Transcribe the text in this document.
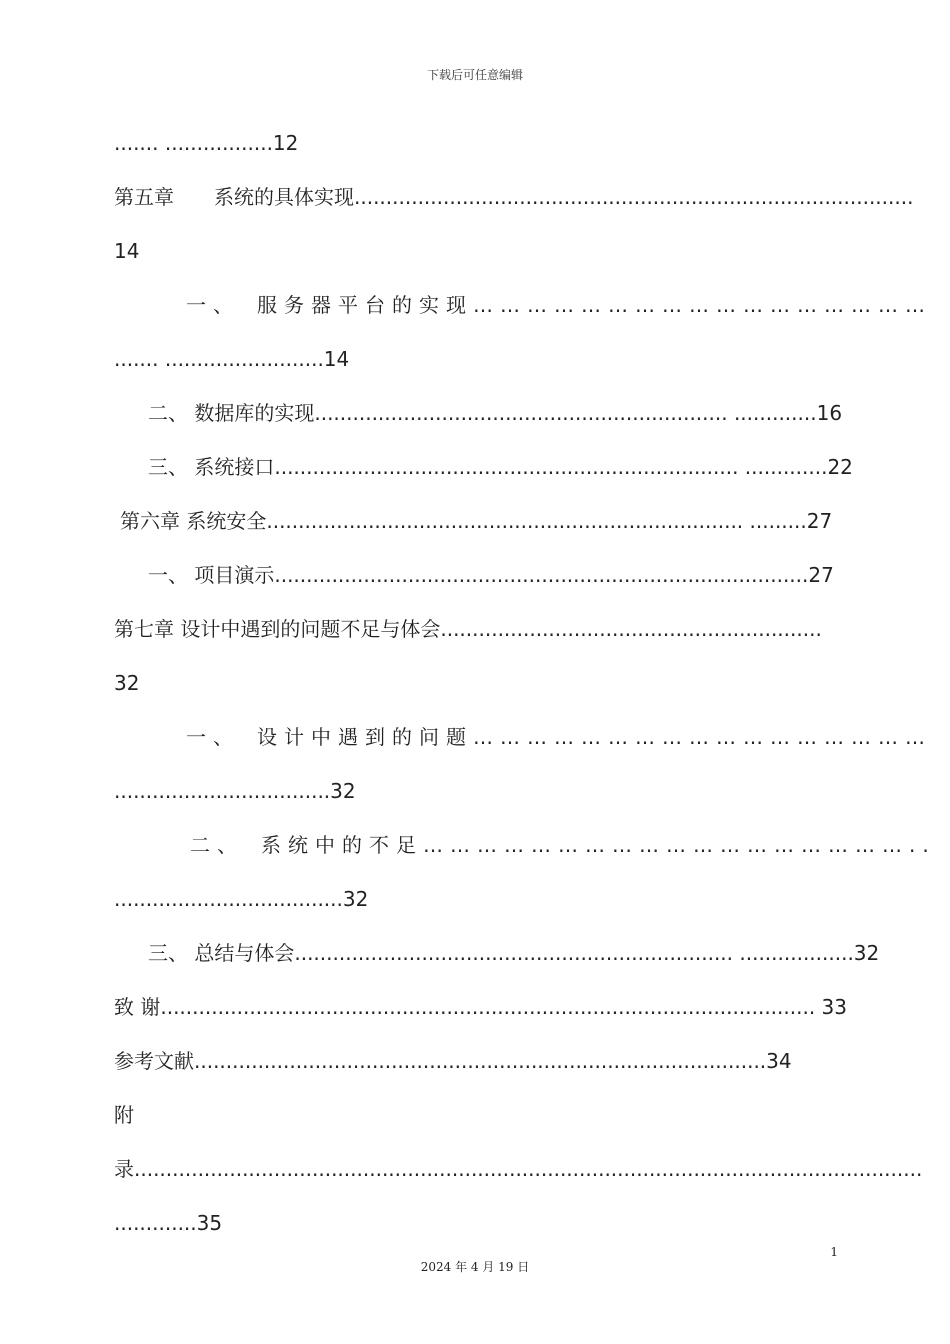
下载后可任意编辑
....... .................12
第五章　　系统的具体实现........................................................................................
14
一、　服务器平台的实现……………………………………………
....... .........................14
二、 数据库的实现................................................................. .............16
三、 系统接口......................................................................... .............22
第六章 系统安全........................................................................... .........27
一、 项目演示....................................................................................27
第七章 设计中遇到的问题不足与体会............................................................
32
一、　设计中遇到的问题……………………………………………
..................................32
二、　系统中的不足………………………………………………..
....................................32
三、 总结与体会..................................................................... ..................32
致 谢....................................................................................................... 33
参考文献..........................................................................................34
附
录............................................................................................................................
.............35
1
2024 年 4 月 19 日
